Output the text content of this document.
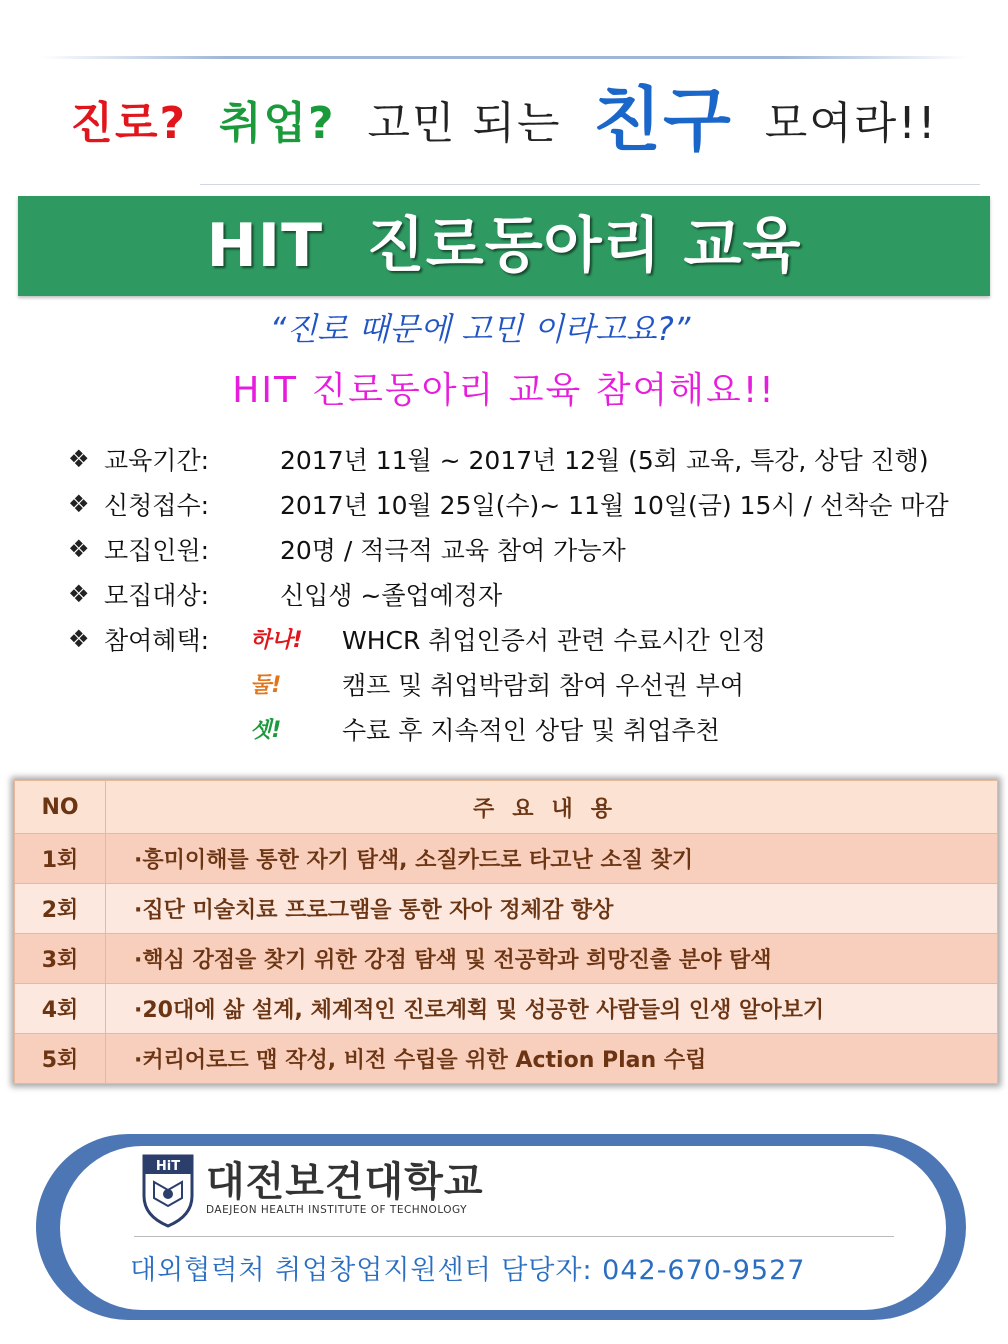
진로? 취업? 고민 되는 친구 모여라!!
HIT  진로동아리 교육
“진로 때문에 고민 이라고요?”
HIT 진로동아리 교육 참여해요!!
❖ 교육기간:	2017년 11월 ~ 2017년 12월 (5회 교육, 특강, 상담 진행)
❖ 신청접수:	2017년 10월 25일(수)~ 11월 10일(금) 15시 / 선착순 마감
❖ 모집인원:	20명 / 적극적 교육 참여 가능자
❖ 모집대상:	신입생 ~졸업예정자
❖ 참여혜택:	하나!	WHCR 취업인증서 관련 수료시간 인정
둘!	캠프 및 취업박람회 참여 우선권 부여
셋!	수료 후 지속적인 상담 및 취업추천
NO	주요내용
1회	·흥미이해를 통한 자기 탐색, 소질카드로 타고난 소질 찾기
2회	·집단 미술치료 프로그램을 통한 자아 정체감 향상
3회	·핵심 강점을 찾기 위한 강점 탐색 및 전공학과 희망진출 분야 탐색
4회	·20대에 삶 설계, 체계적인 진로계획 및 성공한 사람들의 인생 알아보기
5회	·커리어로드 맵 작성, 비전 수립을 위한 Action Plan 수립
HiT 대전보건대학교
DAEJEON HEALTH INSTITUTE OF TECHNOLOGY
대외협력처 취업창업지원센터 담당자: 042-670-9527
